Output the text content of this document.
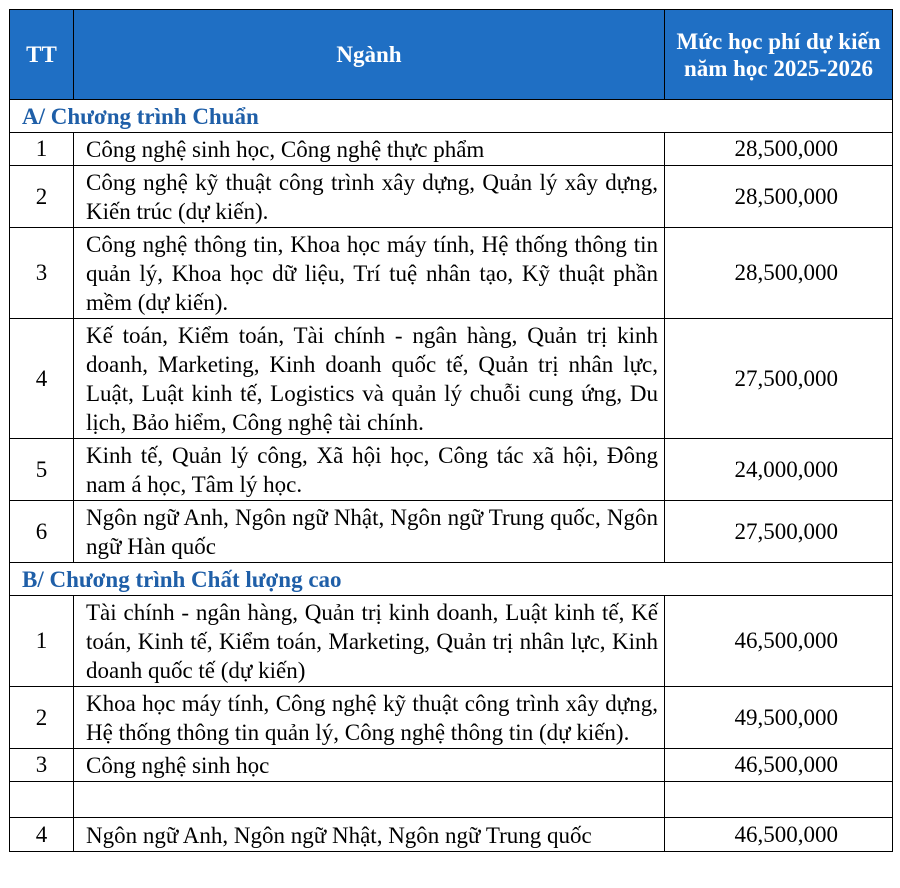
TT	Ngành	Mức học phí dự kiến năm học 2025-2026
A/ Chương trình Chuẩn		
1	Công nghệ sinh học, Công nghệ thực phẩm	28,500,000
2	Công nghệ kỹ thuật công trình xây dựng, Quản lý xây dựng, Kiến trúc (dự kiến).	28,500,000
3	Công nghệ thông tin, Khoa học máy tính, Hệ thống thông tin quản lý, Khoa học dữ liệu, Trí tuệ nhân tạo, Kỹ thuật phần mềm (dự kiến).	28,500,000
4	Kế toán, Kiểm toán, Tài chính - ngân hàng, Quản trị kinh doanh, Marketing, Kinh doanh quốc tế, Quản trị nhân lực, Luật, Luật kinh tế, Logistics và quản lý chuỗi cung ứng, Du lịch, Bảo hiểm, Công nghệ tài chính.	27,500,000
5	Kinh tế, Quản lý công, Xã hội học, Công tác xã hội, Đông nam á học, Tâm lý học.	24,000,000
6	Ngôn ngữ Anh, Ngôn ngữ Nhật, Ngôn ngữ Trung quốc, Ngôn ngữ Hàn quốc	27,500,000
B/ Chương trình Chất lượng cao		
1	Tài chính - ngân hàng, Quản trị kinh doanh, Luật kinh tế, Kế toán, Kinh tế, Kiểm toán, Marketing, Quản trị nhân lực, Kinh doanh quốc tế (dự kiến)	46,500,000
2	Khoa học máy tính, Công nghệ kỹ thuật công trình xây dựng, Hệ thống thông tin quản lý, Công nghệ thông tin (dự kiến).	49,500,000
3	Công nghệ sinh học	46,500,000

4	Ngôn ngữ Anh, Ngôn ngữ Nhật, Ngôn ngữ Trung quốc	46,500,000
